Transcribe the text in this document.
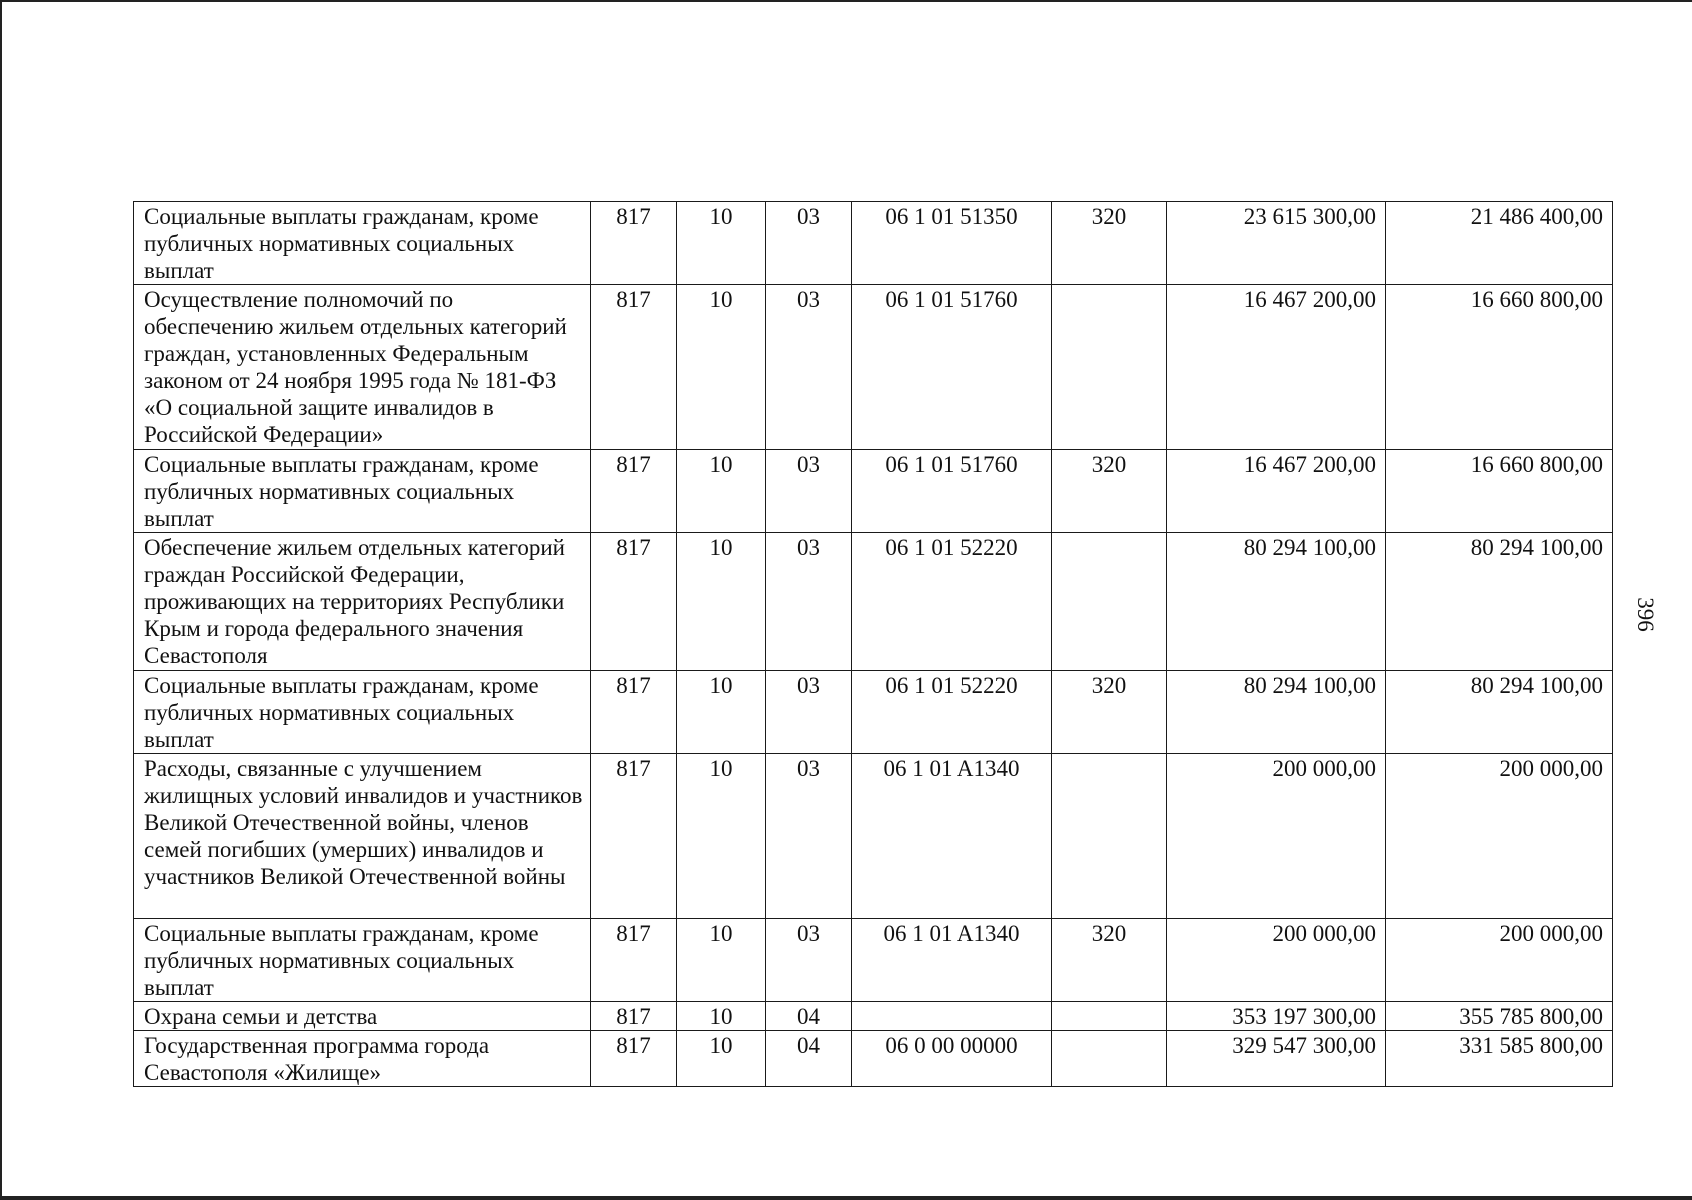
Социальные выплаты гражданам, кроме публичных нормативных социальных выплат	817	10	03	06 1 01 51350	320	23 615 300,00	21 486 400,00
Осуществление полномочий по обеспечению жильем отдельных категорий граждан, установленных Федеральным законом от 24 ноября 1995 года № 181-ФЗ «О социальной защите инвалидов в Российской Федерации»	817	10	03	06 1 01 51760		16 467 200,00	16 660 800,00
Социальные выплаты гражданам, кроме публичных нормативных социальных выплат	817	10	03	06 1 01 51760	320	16 467 200,00	16 660 800,00
Обеспечение жильем отдельных категорий граждан Российской Федерации, проживающих на территориях Республики Крым и города федерального значения Севастополя	817	10	03	06 1 01 52220		80 294 100,00	80 294 100,00
Социальные выплаты гражданам, кроме публичных нормативных социальных выплат	817	10	03	06 1 01 52220	320	80 294 100,00	80 294 100,00
Расходы, связанные с улучшением жилищных условий инвалидов и участников Великой Отечественной войны, членов семей погибших (умерших) инвалидов и участников Великой Отечественной войны	817	10	03	06 1 01 A1340		200 000,00	200 000,00
Социальные выплаты гражданам, кроме публичных нормативных социальных выплат	817	10	03	06 1 01 A1340	320	200 000,00	200 000,00
Охрана семьи и детства	817	10	04			353 197 300,00	355 785 800,00
Государственная программа города Севастополя «Жилище»	817	10	04	06 0 00 00000		329 547 300,00	331 585 800,00
396
